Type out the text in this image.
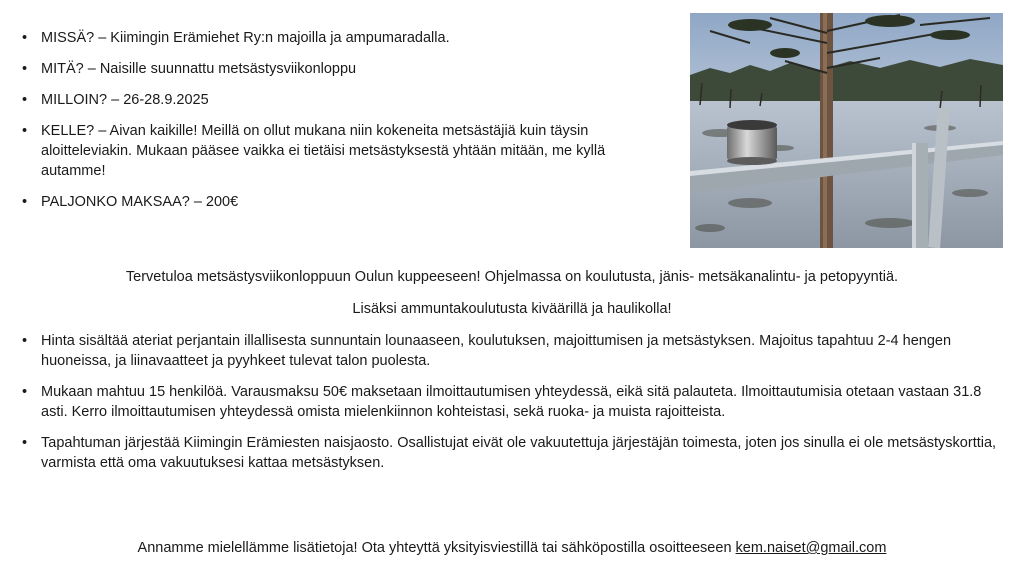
• MISSÄ? – Kiimingin Erämiehet Ry:n majoilla ja ampumaradalla.
• MITÄ? – Naisille suunnattu metsästysviikonloppu
• MILLOIN? – 26-28.9.2025
• KELLE? – Aivan kaikille! Meillä on ollut mukana niin kokeneita metsästäjiä kuin täysin aloitteleviakin. Mukaan pääsee vaikka ei tietäisi metsästyksestä yhtään mitään, me kyllä autamme!
• PALJONKO MAKSAA? – 200€

Tervetuloa metsästysviikonloppuun Oulun kuppeeseen! Ohjelmassa on koulutusta, jänis- metsäkanalintu- ja petopyyntiä.

Lisäksi ammuntakoulutusta kiväärillä ja haulikolla!

• Hinta sisältää ateriat perjantain illallisesta sunnuntain lounaaseen, koulutuksen, majoittumisen ja metsästyksen. Majoitus tapahtuu 2-4 hengen huoneissa, ja liinavaatteet ja pyyhkeet tulevat talon puolesta.
• Mukaan mahtuu 15 henkilöä. Varausmaksu 50€ maksetaan ilmoittautumisen yhteydessä, eikä sitä palauteta. Ilmoittautumisia otetaan vastaan 31.8 asti. Kerro ilmoittautumisen yhteydessä omista mielenkiinnon kohteistasi, sekä ruoka- ja muista rajoitteista.
• Tapahtuman järjestää Kiimingin Erämiesten naisjaosto. Osallistujat eivät ole vakuutettuja järjestäjän toimesta, joten jos sinulla ei ole metsästyskorttia, varmista että oma vakuutuksesi kattaa metsästyksen.
Annamme mielellämme lisätietoja! Ota yhteyttä yksityisviestillä tai sähköpostilla osoitteeseen kem.naiset@gmail.com
